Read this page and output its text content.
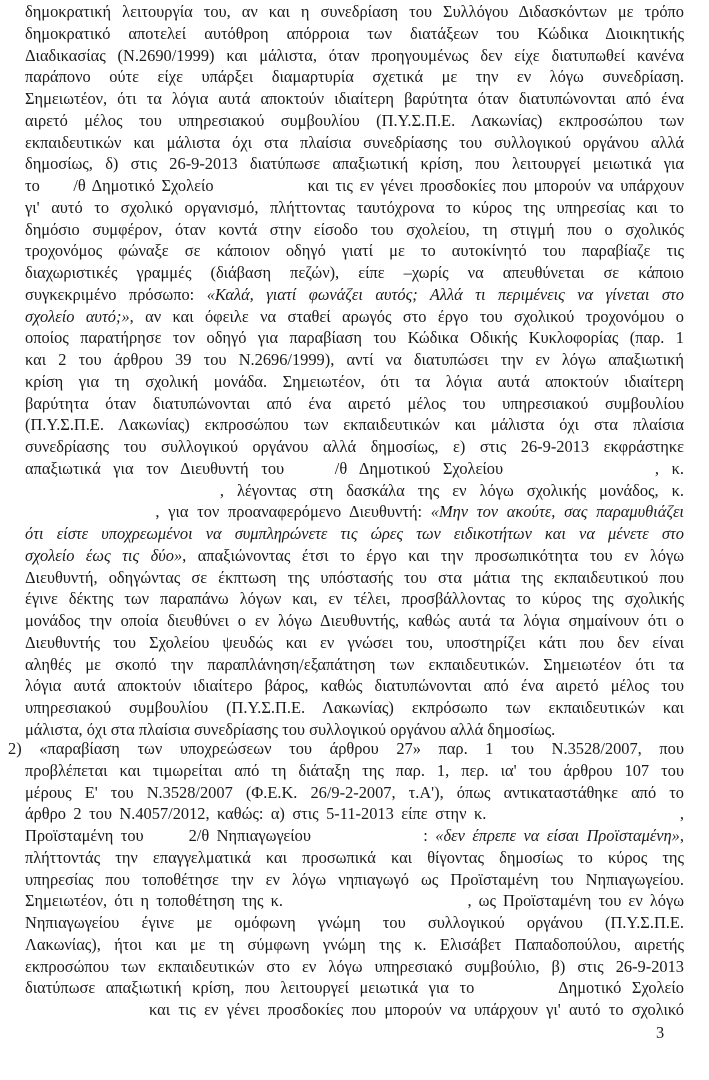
δημοκρατική λειτουργία του, αν και η συνεδρίαση του Συλλόγου Διδασκόντων με τρόπο
δημοκρατικό αποτελεί αυτόθροη απόρροια των διατάξεων του Κώδικα Διοικητικής
Διαδικασίας (Ν.2690/1999) και μάλιστα, όταν προηγουμένως δεν είχε διατυπωθεί κανένα
παράπονο ούτε είχε υπάρξει διαμαρτυρία σχετικά με την εν λόγω συνεδρίαση.
Σημειωτέον, ότι τα λόγια αυτά αποκτούν ιδιαίτερη βαρύτητα όταν διατυπώνονται από ένα
αιρετό μέλος του υπηρεσιακού συμβουλίου (Π.Υ.Σ.Π.Ε. Λακωνίας) εκπροσώπου των
εκπαιδευτικών και μάλιστα όχι στα πλαίσια συνεδρίασης του συλλογικού οργάνου αλλά
δημοσίως, δ) στις 26-9-2013 διατύπωσε απαξιωτική κρίση, που λειτουργεί μειωτικά για
το     /θ Δημοτικό Σχολείο              και τις εν γένει προσδοκίες που μπορούν να υπάρχουν
γι' αυτό το σχολικό οργανισμό, πλήττοντας ταυτόχρονα το κύρος της υπηρεσίας και το
δημόσιο συμφέρον, όταν κοντά στην είσοδο του σχολείου, τη στιγμή που ο σχολικός
τροχονόμος φώναξε σε κάποιον οδηγό γιατί με το αυτοκίνητό του παραβίαζε τις
διαχωριστικές γραμμές (διάβαση πεζών), είπε –χωρίς να απευθύνεται σε κάποιο
συγκεκριμένο πρόσωπο: «Καλά, γιατί φωνάζει αυτός; Αλλά τι περιμένεις να γίνεται στο
σχολείο αυτό;», αν και όφειλε να σταθεί αρωγός στο έργο του σχολικού τροχονόμου ο
οποίος παρατήρησε τον οδηγό για παραβίαση του Κώδικα Οδικής Κυκλοφορίας (παρ. 1
και 2 του άρθρου 39 του Ν.2696/1999), αντί να διατυπώσει την εν λόγω απαξιωτική
κρίση για τη σχολική μονάδα. Σημειωτέον, ότι τα λόγια αυτά αποκτούν ιδιαίτερη
βαρύτητα όταν διατυπώνονται από ένα αιρετό μέλος του υπηρεσιακού συμβουλίου
(Π.Υ.Σ.Π.Ε. Λακωνίας) εκπροσώπου των εκπαιδευτικών και μάλιστα όχι στα πλαίσια
συνεδρίασης του συλλογικού οργάνου αλλά δημοσίως, ε) στις 26-9-2013 εκφράστηκε
απαξιωτικά για τον Διευθυντή του    /θ Δημοτικού Σχολείου            , κ.
, λέγοντας στη δασκάλα της εν λόγω σχολικής μονάδος, κ.
, για τον προαναφερόμενο Διευθυντή: «Μην τον ακούτε, σας παραμυθιάζει
ότι είστε υποχρεωμένοι να συμπληρώνετε τις ώρες των ειδικοτήτων και να μένετε στο
σχολείο έως τις δύο», απαξιώνοντας έτσι το έργο και την προσωπικότητα του εν λόγω
Διευθυντή, οδηγώντας σε έκπτωση της υπόστασής του στα μάτια της εκπαιδευτικού που
έγινε δέκτης των παραπάνω λόγων και, εν τέλει, προσβάλλοντας το κύρος της σχολικής
μονάδος την οποία διευθύνει ο εν λόγω Διευθυντής, καθώς αυτά τα λόγια σημαίνουν ότι ο
Διευθυντής του Σχολείου ψευδώς και εν γνώσει του, υποστηρίζει κάτι που δεν είναι
αληθές με σκοπό την παραπλάνηση/εξαπάτηση των εκπαιδευτικών. Σημειωτέον ότι τα
λόγια αυτά αποκτούν ιδιαίτερο βάρος, καθώς διατυπώνονται από ένα αιρετό μέλος του
υπηρεσιακού συμβουλίου (Π.Υ.Σ.Π.Ε. Λακωνίας) εκπρόσωπο των εκπαιδευτικών και
μάλιστα, όχι στα πλαίσια συνεδρίασης του συλλογικού οργάνου αλλά δημοσίως.
2) «παραβίαση των υποχρεώσεων του άρθρου 27» παρ. 1 του Ν.3528/2007, που
προβλέπεται και τιμωρείται από τη διάταξη της παρ. 1, περ. ια' του άρθρου 107 του
μέρους Ε' του Ν.3528/2007 (Φ.Ε.Κ. 26/9-2-2007, τ.Α'), όπως αντικαταστάθηκε από το
άρθρο 2 του Ν.4057/2012, καθώς: α) στις 5-11-2013 είπε στην κ.                          ,
Προϊσταμένη του      2/θ Νηπιαγωγείου               : «δεν έπρεπε να είσαι Προϊσταμένη»,
πλήττοντάς την επαγγελματικά και προσωπικά και θίγοντας δημοσίως το κύρος της
υπηρεσίας που τοποθέτησε την εν λόγω νηπιαγωγό ως Προϊσταμένη του Νηπιαγωγείου.
Σημειωτέον, ότι η τοποθέτηση της κ.                          , ως Προϊσταμένη του εν λόγω
Νηπιαγωγείου έγινε με ομόφωνη γνώμη του συλλογικού οργάνου (Π.Υ.Σ.Π.Ε.
Λακωνίας), ήτοι και με τη σύμφωνη γνώμη της κ. Ελισάβετ Παπαδοπούλου, αιρετής
εκπροσώπου των εκπαιδευτικών στο εν λόγω υπηρεσιακό συμβούλιο, β) στις 26-9-2013
διατύπωσε απαξιωτική κρίση, που λειτουργεί μειωτικά για το        Δημοτικό Σχολείο
και τις εν γένει προσδοκίες που μπορούν να υπάρχουν γι' αυτό το σχολικό
3
